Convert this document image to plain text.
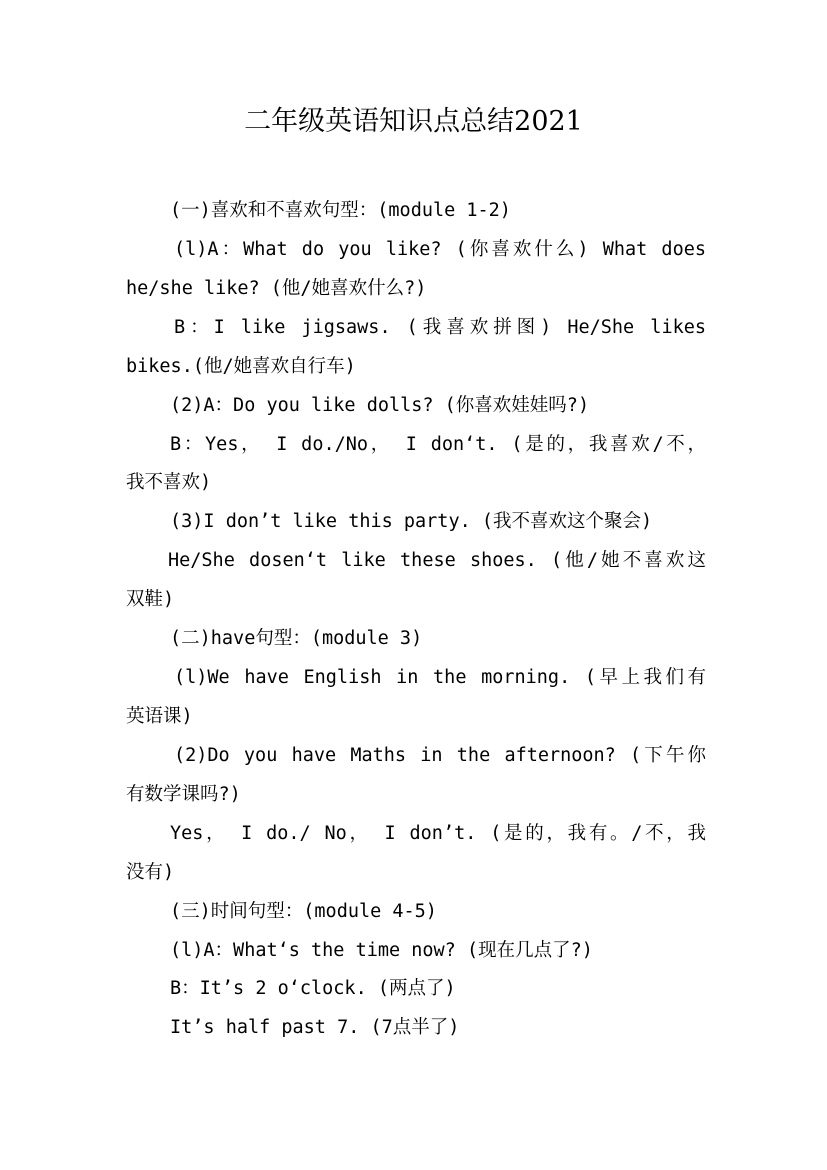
二年级英语知识点总结2021
(一)喜欢和不喜欢句型：(module 1-2)
(l)A：What do you like? (你喜欢什么) What does
he/she like? (他/她喜欢什么?)
B：I like jigsaws. (我喜欢拼图) He/She likes
bikes.(他/她喜欢自行车)
(2)A：Do you like dolls? (你喜欢娃娃吗?)
B：Yes， I do./No， I don‘t. (是的，我喜欢/不，
我不喜欢)
(3)I don’t like this party. (我不喜欢这个聚会)
He/She dosen‘t like these shoes. (他/她不喜欢这
双鞋)
(二)have句型：(module 3)
(l)We have English in the morning. (早上我们有
英语课)
(2)Do you have Maths in the afternoon? (下午你
有数学课吗?)
Yes， I do./ No， I don’t. (是的，我有。/不，我
没有)
(三)时间句型：(module 4-5)
(l)A：What‘s the time now? (现在几点了?)
B：It’s 2 o‘clock. (两点了)
It’s half past 7. (7点半了)
